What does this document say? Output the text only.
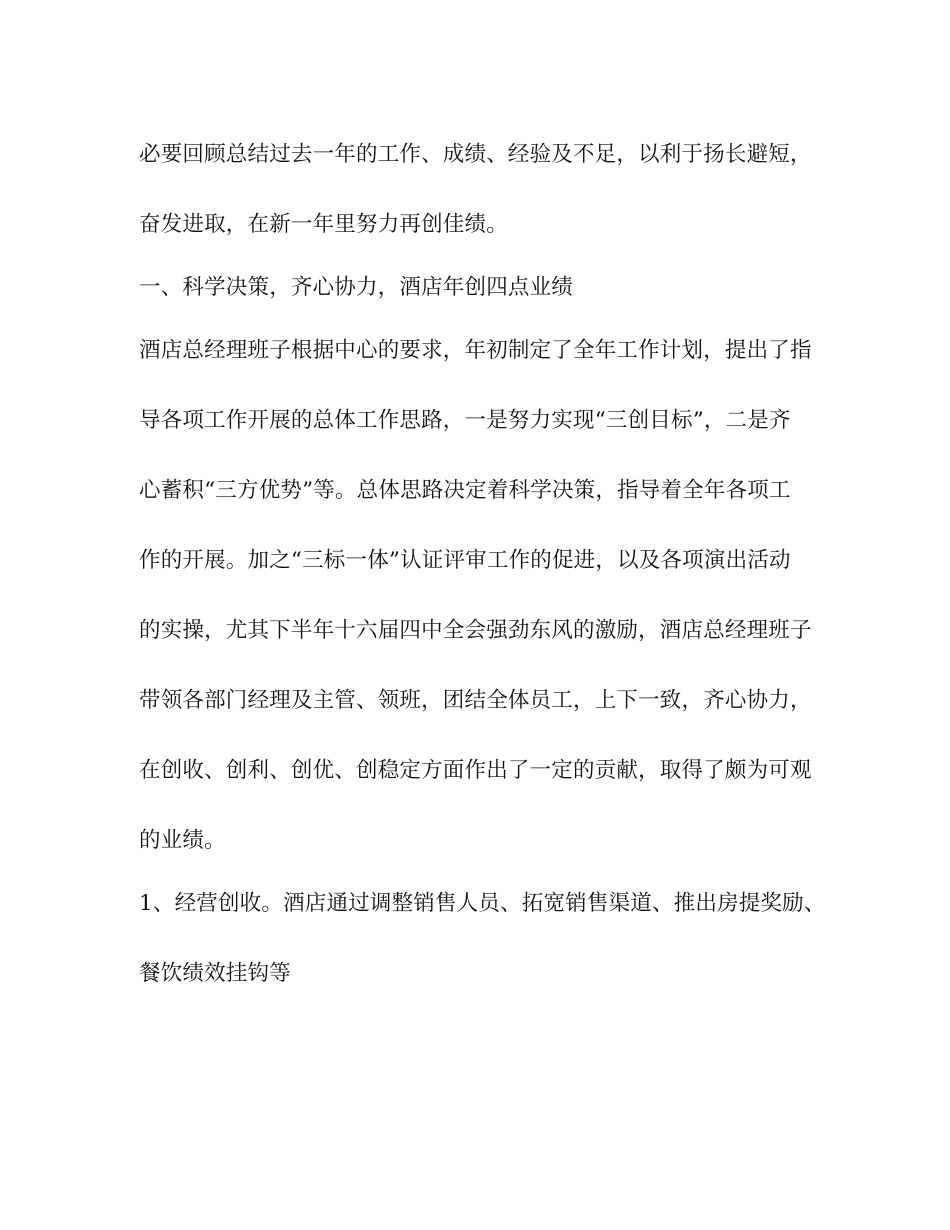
必要回顾总结过去一年的工作、成绩、经验及不足，以利于扬长避短，
奋发进取，在新一年里努力再创佳绩。
一、科学决策，齐心协力，酒店年创四点业绩
酒店总经理班子根据中心的要求，年初制定了全年工作计划，提出了指
导各项工作开展的总体工作思路，一是努力实现“三创目标”，二是齐
心蓄积“三方优势”等。总体思路决定着科学决策，指导着全年各项工
作的开展。加之“三标一体”认证评审工作的促进，以及各项演出活动
的实操，尤其下半年十六届四中全会强劲东风的激励，酒店总经理班子
带领各部门经理及主管、领班，团结全体员工，上下一致，齐心协力，
在创收、创利、创优、创稳定方面作出了一定的贡献，取得了颇为可观
的业绩。
1、经营创收。酒店通过调整销售人员、拓宽销售渠道、推出房提奖励、
餐饮绩效挂钩等
